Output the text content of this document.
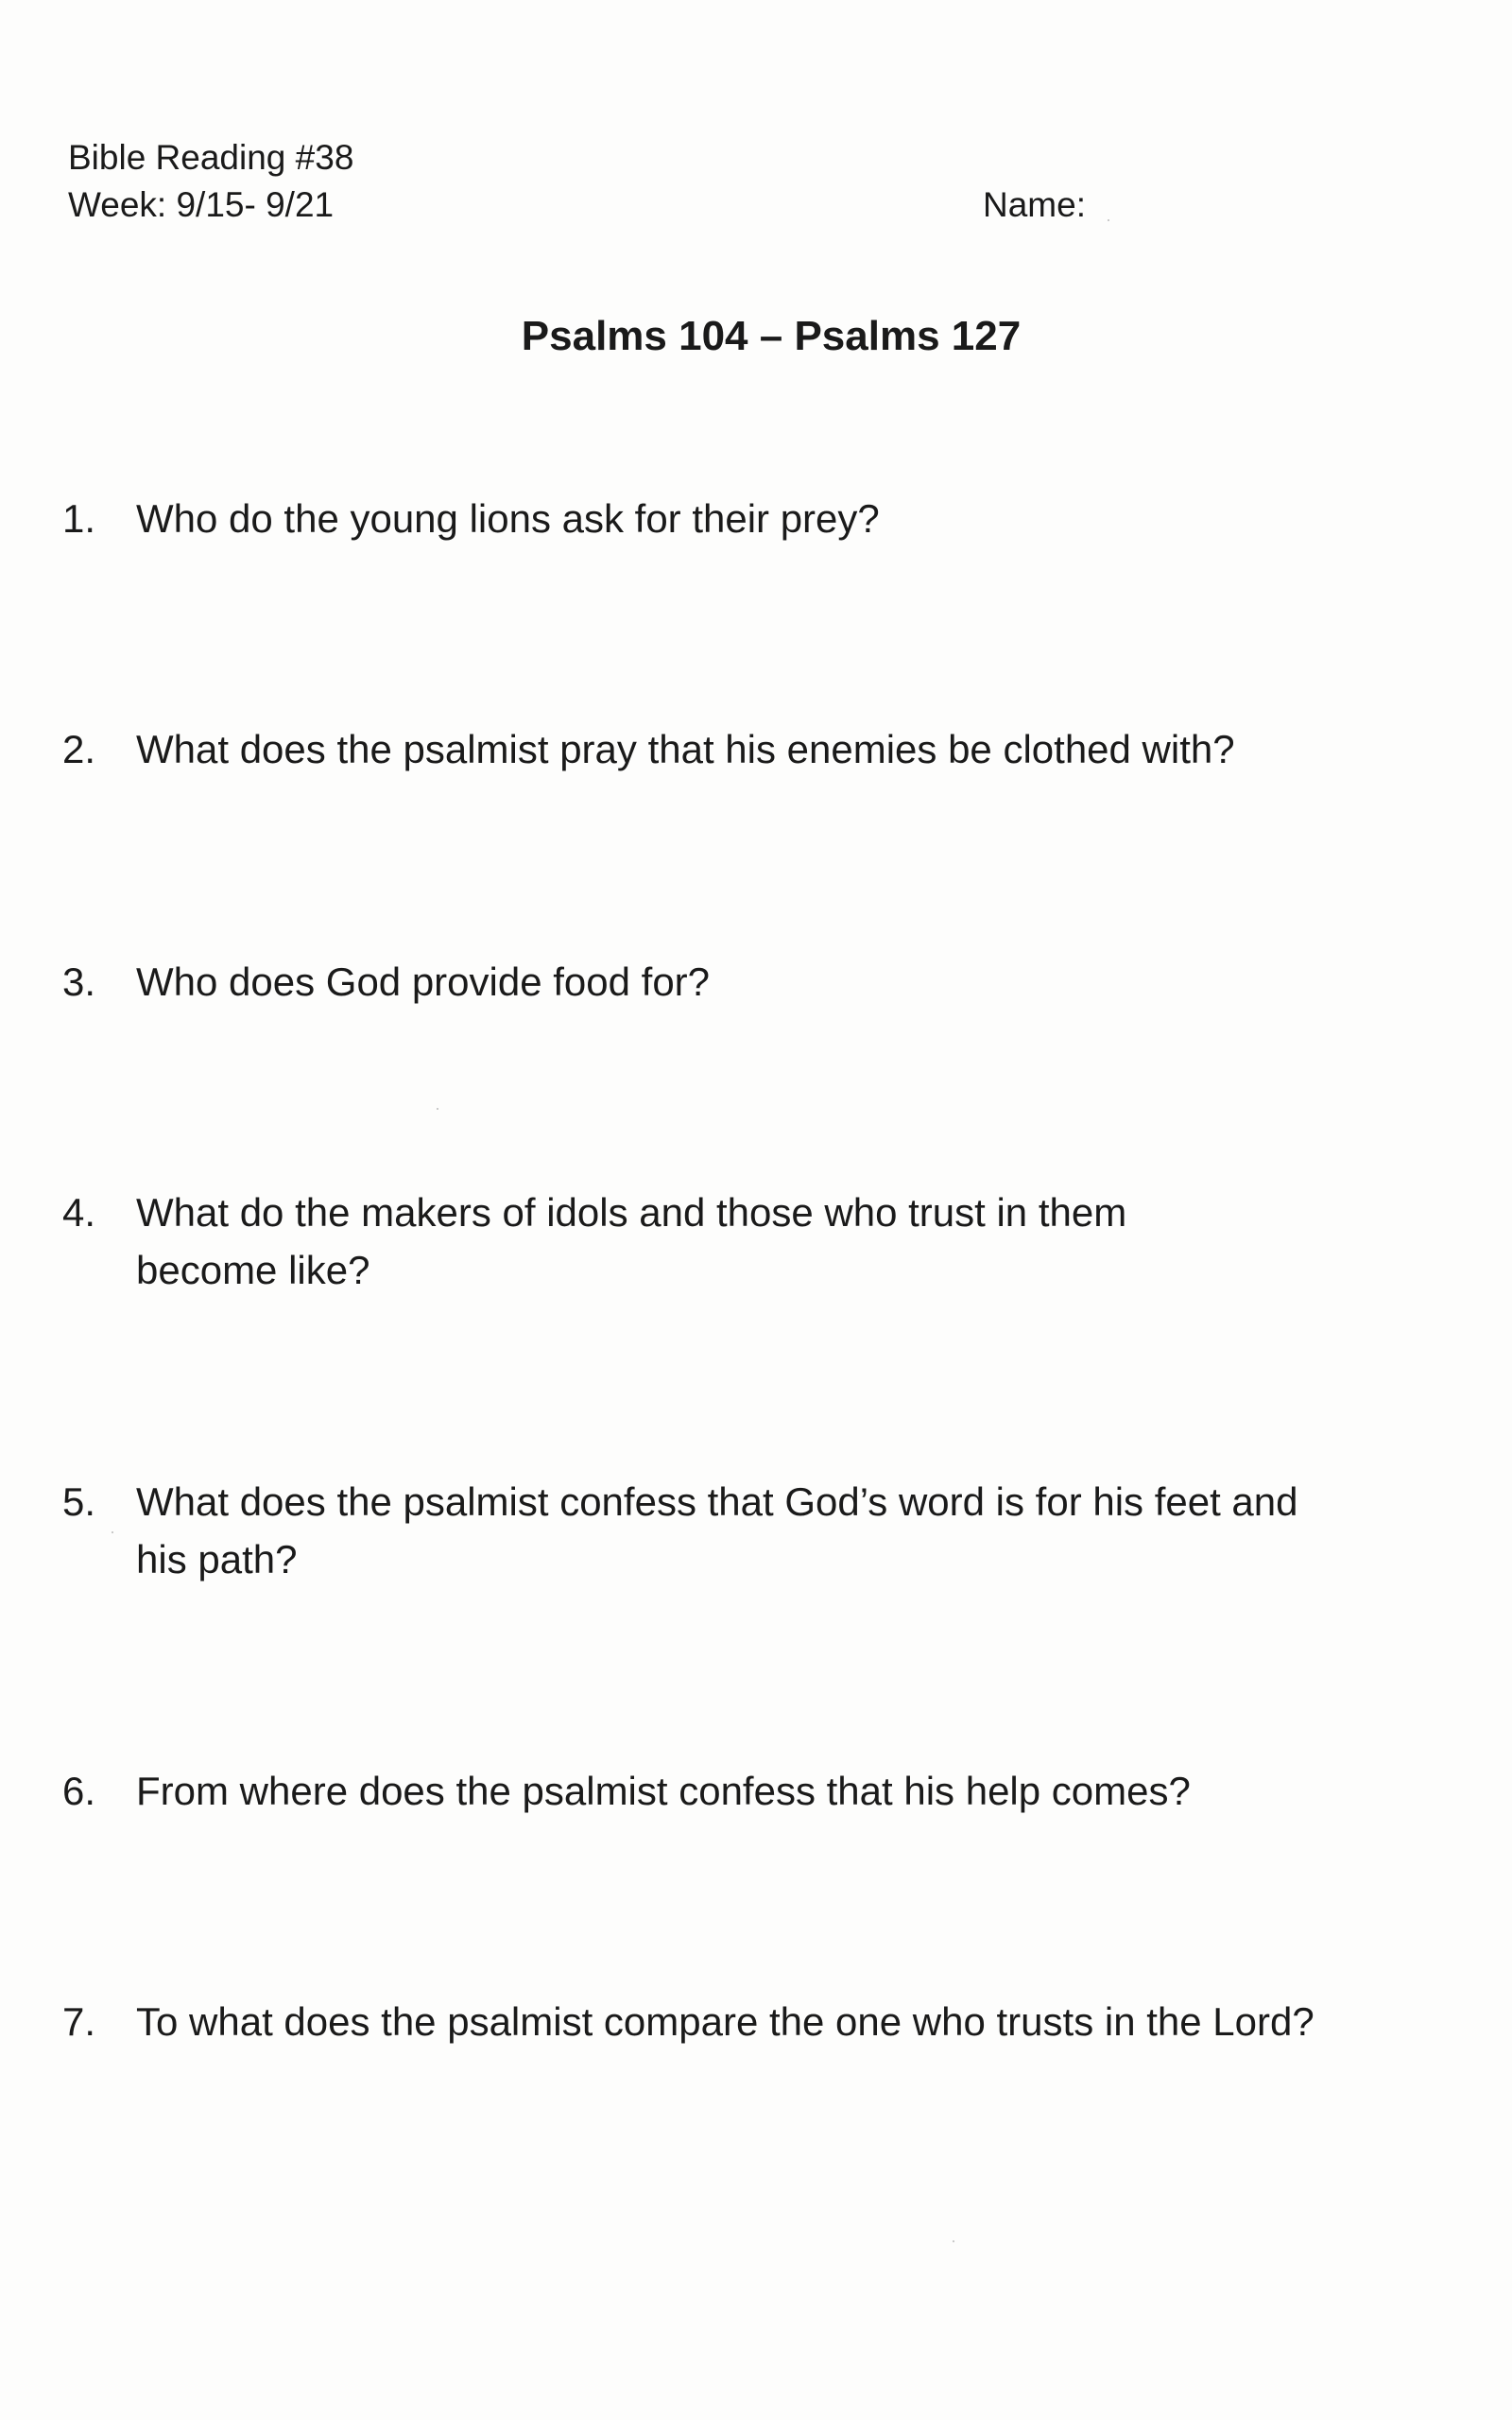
Bible Reading #38
Week: 9/15- 9/21	Name:
Psalms 104 – Psalms 127
1.	Who do the young lions ask for their prey?
2.	What does the psalmist pray that his enemies be clothed with?
3.	Who does God provide food for?
4.	What do the makers of idols and those who trust in them become like?
5.	What does the psalmist confess that God’s word is for his feet and his path?
6.	From where does the psalmist confess that his help comes?
7.	To what does the psalmist compare the one who trusts in the Lord?
